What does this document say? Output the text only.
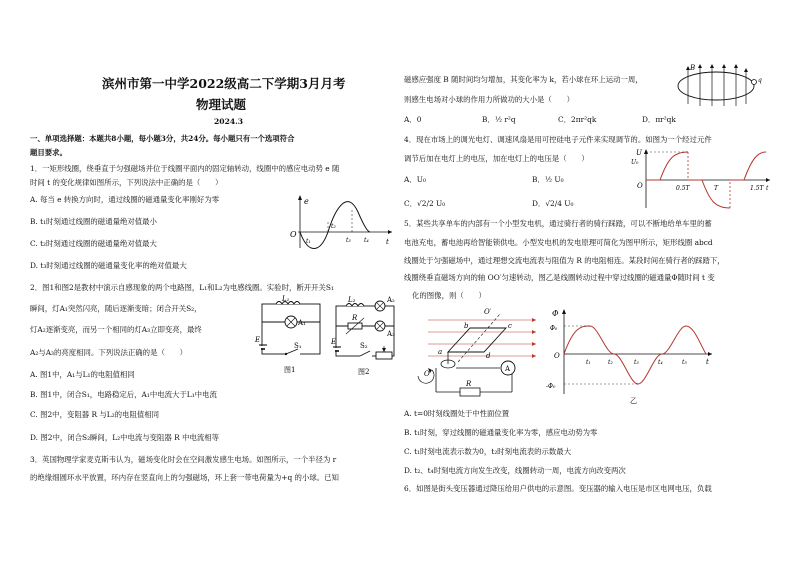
滨州市第一中学2022级高二下学期3月月考
物理试题
2024.3
一、单项选择题：本题共8小题，每小题3分，共24分。每小题只有一个选项符合
题目要求。
1．一矩形线圈，绕垂直于匀强磁场并位于线圈平面内的固定轴转动，线圈中的感应电动势 e 随
时间 t 的变化规律如图所示，下列说法中正确的是（　　）
A. 每当 e 转换方向时，通过线圈的磁通量变化率刚好为零
B. t₁时刻通过线圈的磁通量绝对值最小
C. t₂时刻通过线圈的磁通量绝对值最大
D. t₃时刻通过线圈的磁通量变化率的绝对值最大
e
O
t₁
t₂
t₃ t₄ t
2．图1和图2是教材中演示自感现象的两个电路图，L₁和L₂为电感线圈。实验时，断开开关S₁
瞬间，灯A₁突然闪亮，随后逐渐变暗；闭合开关S₂，
灯A₂逐渐变亮，而另一个相同的灯A₃立即变亮，最终
A₂与A₃的亮度相同。下列说法正确的是（　　）
A. 图1中，A₁与L₁的电阻值相同
B. 图1中，闭合S₁，电路稳定后，A₁中电流大于L₁中电流
C. 图2中，变阻器 R 与L₂的电阻值相同
D. 图2中，闭合S₂瞬间，L₂中电流与变阻器 R 中电流相等
L₁
A₁
E
S₁
图1
L₂	A₂
R
A₃
E	S₂
图2
3．英国物理学家麦克斯韦认为，磁场变化时会在空间激发感生电场。如图所示，一个半径为 r
的绝缘细圆环水平放置，环内存在竖直向上的匀强磁场，环上套一带电荷量为+q 的小球。已知
磁感应强度 B 随时间均匀增加，其变化率为 k，若小球在环上运动一周，
则感生电场对小球的作用力所做功的大小是（　　）
A．0	B．½ r²q	C．2πr²qk	D．πr²qk
B
q
4．现在市场上的调光电灯、调速风扇是用可控硅电子元件来实现调节的。如图为一个经过元件
调节后加在电灯上的电压，加在电灯上的电压是（　　）
A．U₀	B．½ U₀
C．√2/2 U₀	D．√2/4 U₀
U
U₀
O	0.5T	T	1.5T t
5．某些共享单车的内部有一个小型发电机，通过骑行者的骑行踩踏，可以不断地给单车里的蓄
电池充电，蓄电池再给智能锁供电。小型发电机的发电原理可简化为图甲所示，矩形线圈 abcd
线圈处于匀强磁场中，通过理想交流电流表与阻值为 R 的电阻相连。某段时间在骑行者的踩踏下，
线圈绕垂直磁场方向的轴 OO′匀速转动，图乙是线圈转动过程中穿过线圈的磁通量Φ随时间 t 变
化的图像，则（　　）
O′
O
a
b	c
d
A
R
Φ
Φ₀
O
-Φ₀
t₁	t₂	t₃	t₄	t₅	t
乙
A. t=0时刻线圈处于中性面位置
B. t₁时刻，穿过线圈的磁通量变化率为零，感应电动势为零
C. t₁时刻电流表示数为0，t₂时刻电流表的示数最大
D. t₂、t₄时刻电流方向发生改变，线圈转动一周，电流方向改变两次
6．如图是街头变压器通过降压给用户供电的示意图。变压器的输入电压是市区电网电压，负载
